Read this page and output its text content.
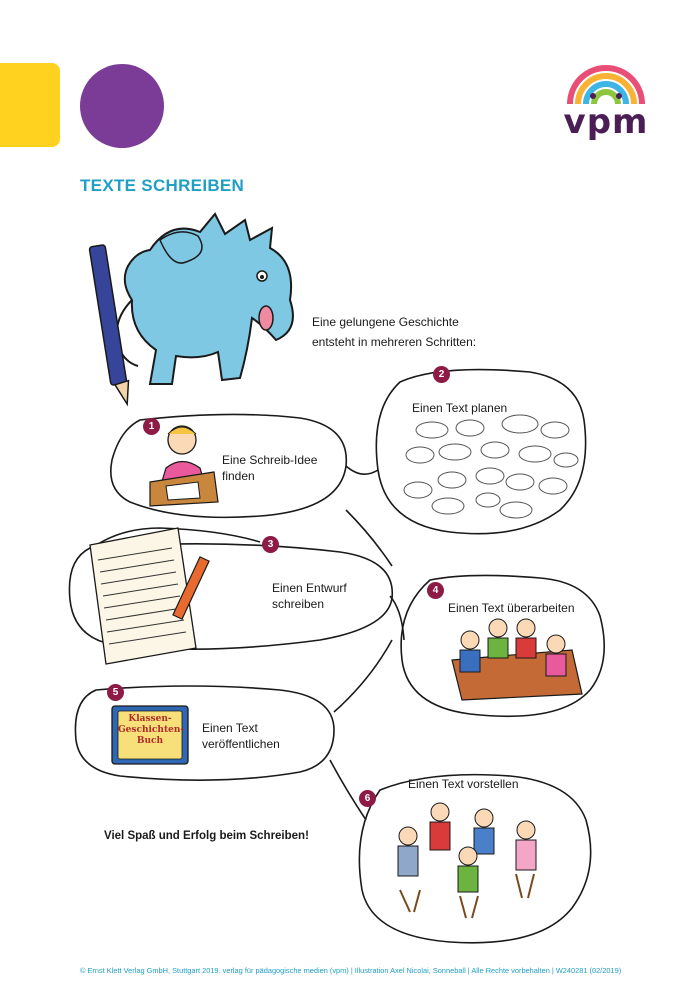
vpm
TEXTE SCHREIBEN
Klassen-
Geschichten-
Buch
Eine gelungene Geschichte
entsteht in mehreren Schritten:
1
Eine Schreib-Idee
finden
2
Einen Text planen
3
Einen Entwurf
schreiben
4
Einen Text überarbeiten
5
Einen Text
veröffentlichen
6
Einen Text vorstellen
Viel Spaß und Erfolg beim Schreiben!
© Ernst Klett Verlag GmbH, Stuttgart 2019. verlag für pädagogische medien (vpm) | Illustration Axel Nicolai, Sonneball | Alle Rechte vorbehalten | W240281 (02/2019)
